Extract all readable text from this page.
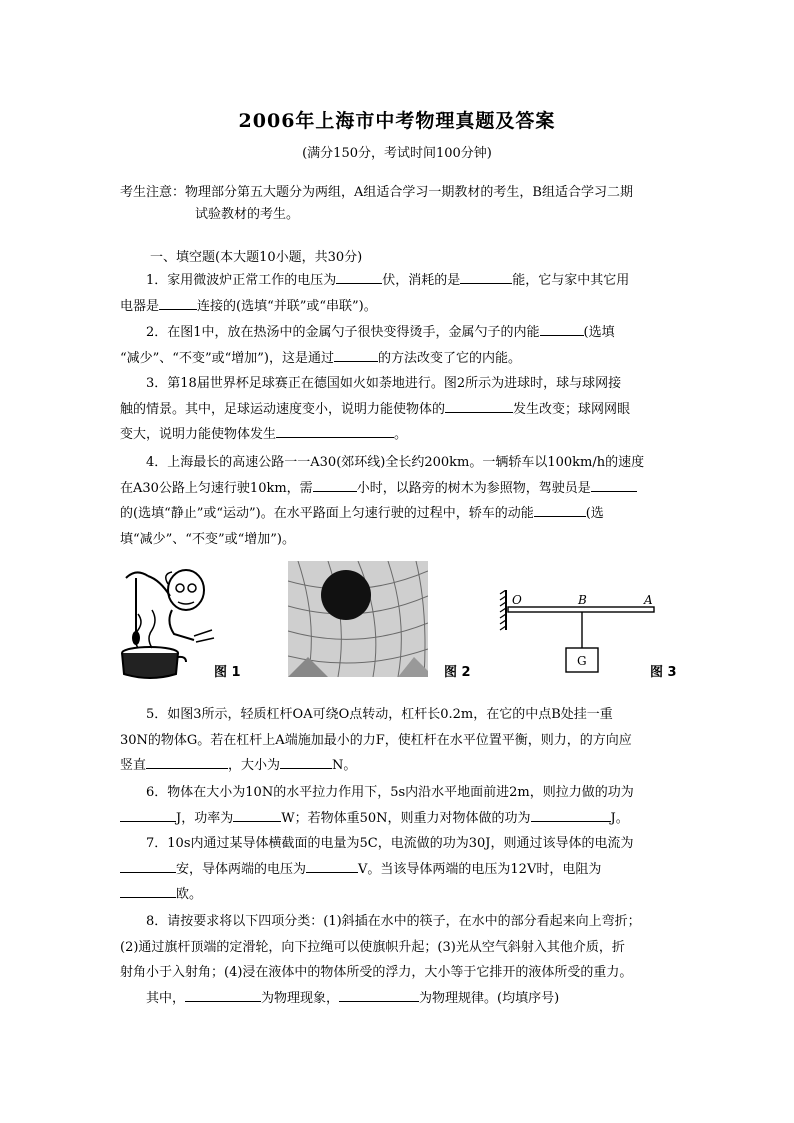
2006年上海市中考物理真题及答案
(满分150分，考试时间100分钟)
考生注意：物理部分第五大题分为两组，A组适合学习一期教材的考生，B组适合学习二期
试验教材的考生。
一、填空题(本大题10小题，共30分)

1．家用微波炉正常工作的电压为	伏，消耗的是	能，它与家中其它用

电器是	连接的(选填“并联”或“串联”)。

2．在图1中，放在热汤中的金属勺子很快变得烫手，金属勺子的内能	(选填

“减少”、“不变”或“增加”)，这是通过	的方法改变了它的内能。

3．第18届世界杯足球赛正在德国如火如荼地进行。图2所示为进球时，球与球网接

触的情景。其中，足球运动速度变小，说明力能使物体的	发生改变；球网网眼

变大，说明力能使物体发生	。

4．上海最长的高速公路一一A30(郊环线)全长约200km。一辆轿车以100km/h的速度

在A30公路上匀速行驶10km，需	小时，以路旁的树木为参照物，驾驶员是

的(选填“静止”或“运动”)。在水平路面上匀速行驶的过程中，轿车的动能	(选

填“减少”、“不变”或“增加”)。

图 1	图 2
O	B	A
G
图 3

5．如图3所示，轻质杠杆OA可绕O点转动，杠杆长0.2m，在它的中点B处挂一重

30N的物体G。若在杠杆上A端施加最小的力F，使杠杆在水平位置平衡，则力，的方向应

竖直	，大小为	N。

6．物体在大小为10N的水平拉力作用下，5s内沿水平地面前进2m，则拉力做的功为

J，功率为	W；若物体重50N，则重力对物体做的功为	J。

7．10s内通过某导体横截面的电量为5C，电流做的功为30J，则通过该导体的电流为

安，导体两端的电压为	V。当该导体两端的电压为12V时，电阻为

欧。

8．请按要求将以下四项分类：(1)斜插在水中的筷子，在水中的部分看起来向上弯折；

(2)通过旗杆顶端的定滑轮，向下拉绳可以使旗帜升起；(3)光从空气斜射入其他介质，折

射角小于入射角；(4)浸在液体中的物体所受的浮力，大小等于它排开的液体所受的重力。

其中，	为物理现象，	为物理规律。(均填序号)
